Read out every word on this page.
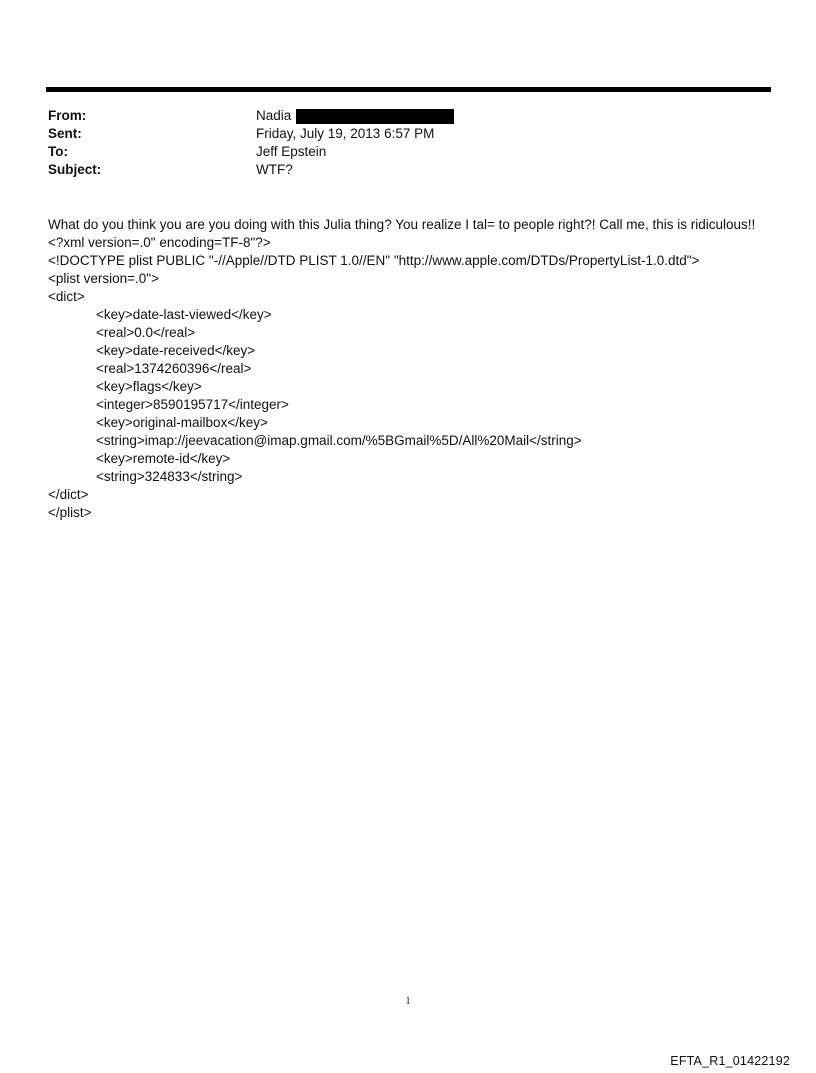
From:	Nadia
Sent:	Friday, July 19, 2013 6:57 PM
To:	Jeff Epstein
Subject:	WTF?
What do you think you are you doing with this Julia thing? You realize I tal= to people right?! Call me, this is ridiculous!!
<?xml version=.0" encoding=TF-8"?>
<!DOCTYPE plist PUBLIC "-//Apple//DTD PLIST 1.0//EN" "http://www.apple.com/DTDs/PropertyList-1.0.dtd">
<plist version=.0">
<dict>
<key>date-last-viewed</key>
<real>0.0</real>
<key>date-received</key>
<real>1374260396</real>
<key>flags</key>
<integer>8590195717</integer>
<key>original-mailbox</key>
<string>imap://jeevacation@imap.gmail.com/%5BGmail%5D/All%20Mail</string>
<key>remote-id</key>
<string>324833</string>
</dict>
</plist>
1
EFTA_R1_01422192
